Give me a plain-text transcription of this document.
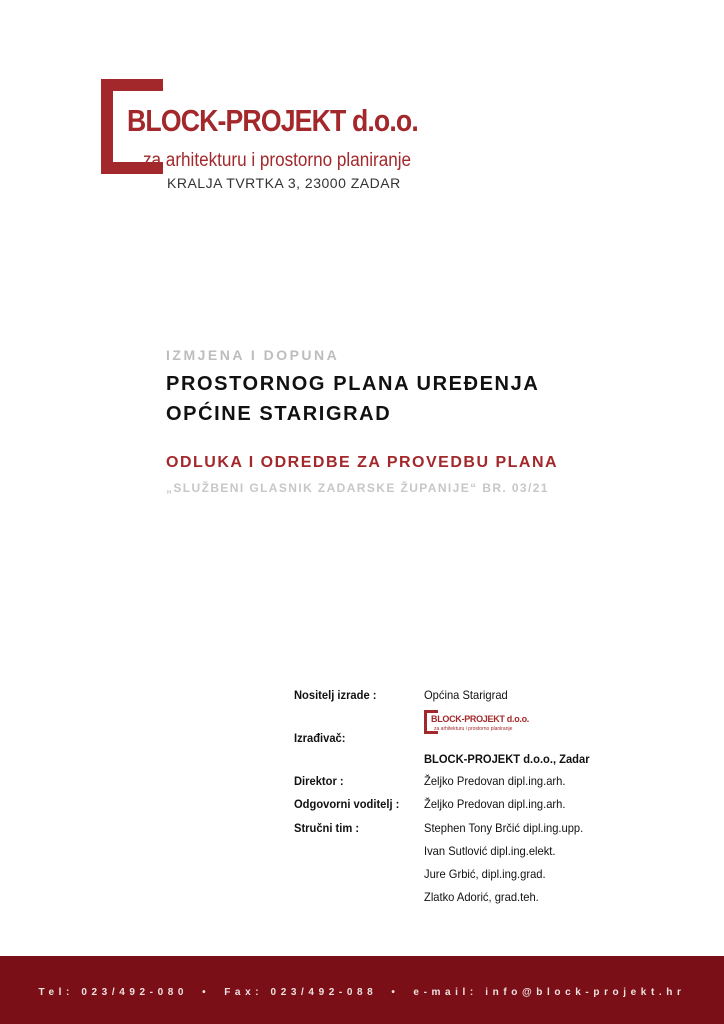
BLOCK-PROJEKT d.o.o.
za arhitekturu i prostorno planiranje
KRALJA TVRTKA 3, 23000 ZADAR

IZMJENA I DOPUNA

PROSTORNOG PLANA UREĐENJA

OPĆINE STARIGRAD

ODLUKA I ODREDBE ZA PROVEDBU PLANA

„SLUŽBENI GLASNIK ZADARSKE ŽUPANIJE“ BR. 03/21

Nositelj izrade :	Općina Starigrad
Izrađivač:
BLOCK-PROJEKT d.o.o.
za arhitekturu i prostorno planiranje
BLOCK-PROJEKT d.o.o., Zadar
Direktor :	Željko Predovan dipl.ing.arh.
Odgovorni voditelj : Željko Predovan dipl.ing.arh.
Stručni tim :	Stephen Tony Brčić dipl.ing.upp.
Ivan Sutlović dipl.ing.elekt.
Jure Grbić, dipl.ing.grad.
Zlatko Adorić, grad.teh.
Tel: 023/492-080 • Fax: 023/492-088 • e-mail: info@block-projekt.hr
